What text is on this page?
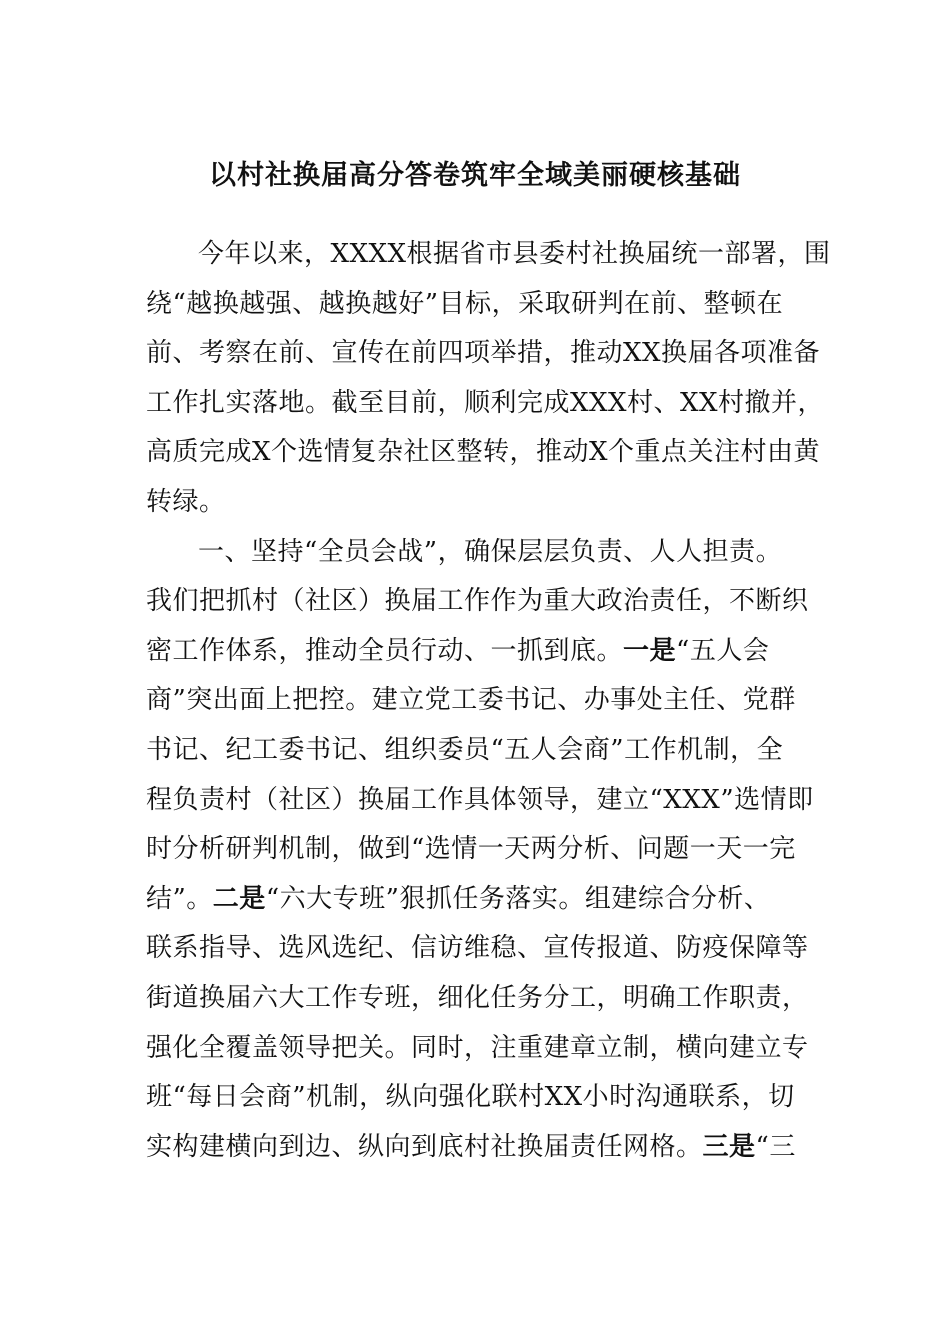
以村社换届高分答卷筑牢全域美丽硬核基础
今年以来，XXXX根据省市县委村社换届统一部署，围
绕“越换越强、越换越好”目标，采取研判在前、整顿在
前、考察在前、宣传在前四项举措，推动XX换届各项准备
工作扎实落地。截至目前，顺利完成XXX村、XX村撤并，
高质完成X个选情复杂社区整转，推动X个重点关注村由黄
转绿。
一、坚持“全员会战”，确保层层负责、人人担责。
我们把抓村（社区）换届工作作为重大政治责任，不断织
密工作体系，推动全员行动、一抓到底。一是“五人会
商”突出面上把控。建立党工委书记、办事处主任、党群
书记、纪工委书记、组织委员“五人会商”工作机制，全
程负责村（社区）换届工作具体领导，建立“XXX”选情即
时分析研判机制，做到“选情一天两分析、问题一天一完
结”。二是“六大专班”狠抓任务落实。组建综合分析、
联系指导、选风选纪、信访维稳、宣传报道、防疫保障等
街道换届六大工作专班，细化任务分工，明确工作职责，
强化全覆盖领导把关。同时，注重建章立制，横向建立专
班“每日会商”机制，纵向强化联村XX小时沟通联系，切
实构建横向到边、纵向到底村社换届责任网格。三是“三
